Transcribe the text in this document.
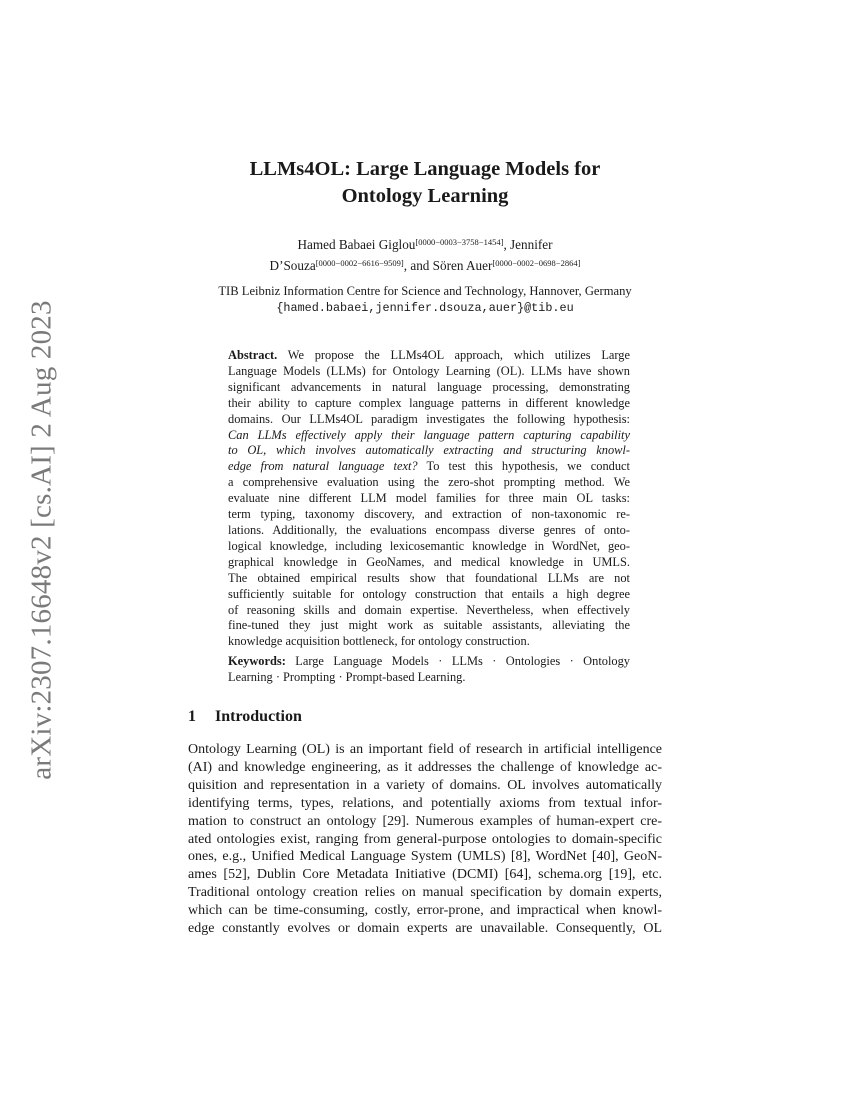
arXiv:2307.16648v2 [cs.AI] 2 Aug 2023
LLMs4OL: Large Language Models for
Ontology Learning
Hamed Babaei Giglou[0000−0003−3758−1454], Jennifer
D’Souza[0000−0002−6616−9509], and Sören Auer[0000−0002−0698−2864]
TIB Leibniz Information Centre for Science and Technology, Hannover, Germany
{hamed.babaei,jennifer.dsouza,auer}@tib.eu
Abstract. We propose the LLMs4OL approach, which utilizes Large
Language Models (LLMs) for Ontology Learning (OL). LLMs have shown
significant advancements in natural language processing, demonstrating
their ability to capture complex language patterns in different knowledge
domains. Our LLMs4OL paradigm investigates the following hypothesis:
Can LLMs effectively apply their language pattern capturing capability
to OL, which involves automatically extracting and structuring knowl-
edge from natural language text? To test this hypothesis, we conduct
a comprehensive evaluation using the zero-shot prompting method. We
evaluate nine different LLM model families for three main OL tasks:
term typing, taxonomy discovery, and extraction of non-taxonomic re-
lations. Additionally, the evaluations encompass diverse genres of onto-
logical knowledge, including lexicosemantic knowledge in WordNet, geo-
graphical knowledge in GeoNames, and medical knowledge in UMLS.
The obtained empirical results show that foundational LLMs are not
sufficiently suitable for ontology construction that entails a high degree
of reasoning skills and domain expertise. Nevertheless, when effectively
fine-tuned they just might work as suitable assistants, alleviating the
knowledge acquisition bottleneck, for ontology construction.
Keywords: Large Language Models · LLMs · Ontologies · Ontology
Learning · Prompting · Prompt-based Learning.
1 Introduction
Ontology Learning (OL) is an important field of research in artificial intelligence
(AI) and knowledge engineering, as it addresses the challenge of knowledge ac-
quisition and representation in a variety of domains. OL involves automatically
identifying terms, types, relations, and potentially axioms from textual infor-
mation to construct an ontology [29]. Numerous examples of human-expert cre-
ated ontologies exist, ranging from general-purpose ontologies to domain-specific
ones, e.g., Unified Medical Language System (UMLS) [8], WordNet [40], GeoN-
ames [52], Dublin Core Metadata Initiative (DCMI) [64], schema.org [19], etc.
Traditional ontology creation relies on manual specification by domain experts,
which can be time-consuming, costly, error-prone, and impractical when knowl-
edge constantly evolves or domain experts are unavailable. Consequently, OL
